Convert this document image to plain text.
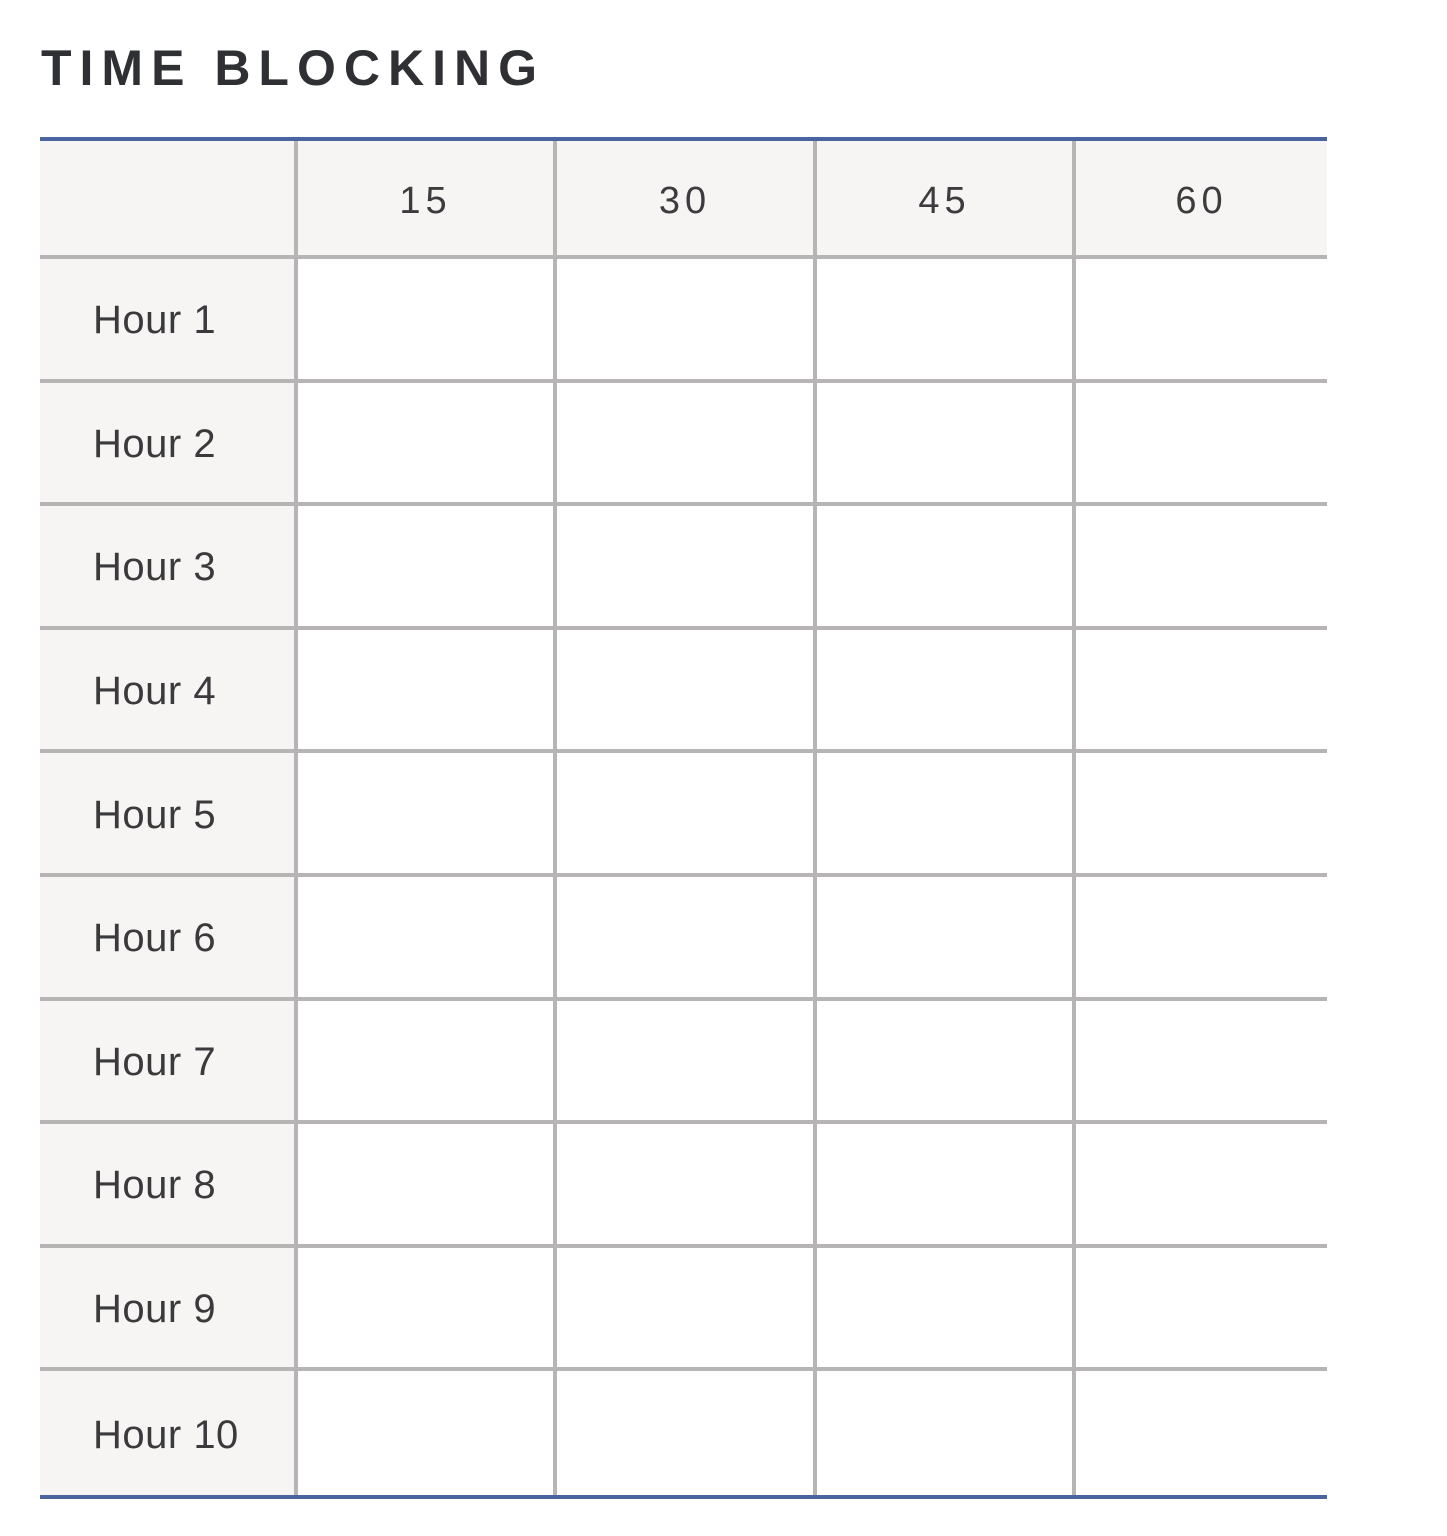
TIME BLOCKING
15	30	45	60
Hour 1
Hour 2
Hour 3
Hour 4
Hour 5
Hour 6
Hour 7
Hour 8
Hour 9
Hour 10
